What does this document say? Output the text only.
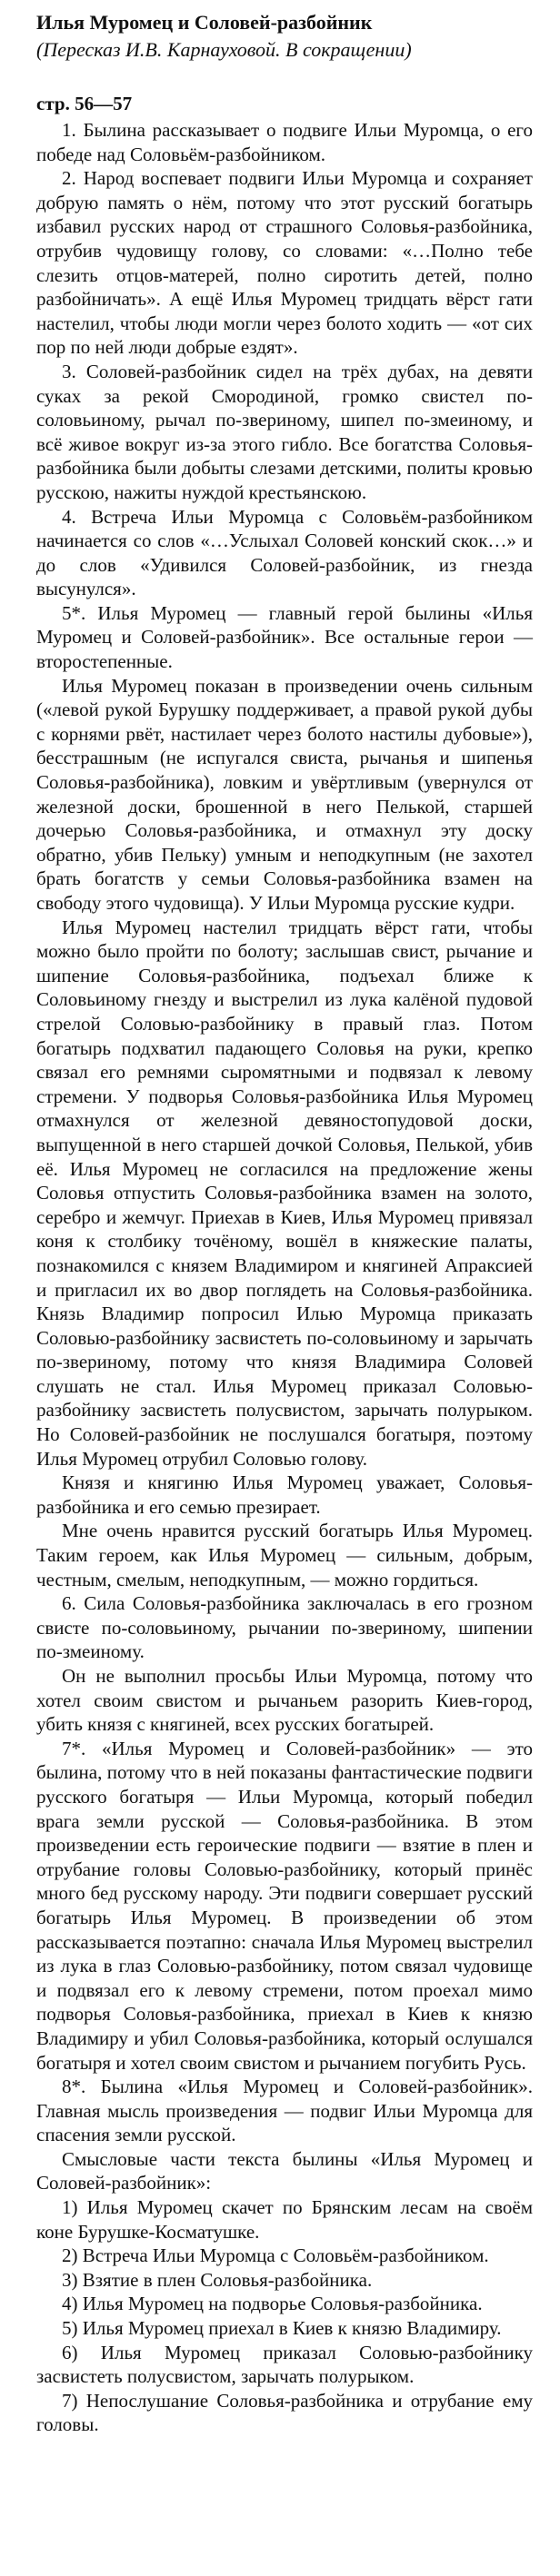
Илья Муромец и Соловей-разбойник

(Пересказ И.В. Карнауховой. В сокращении)

стр. 56—57

1. Былина рассказывает о подвиге Ильи Муромца, о его победе над Соловьём-разбойником.

2. Народ воспевает подвиги Ильи Муромца и сохраняет добрую память о нём, потому что этот русский богатырь избавил русских народ от страшного Соловья-разбойника, отрубив чудовищу голову, со словами: «…Полно тебе слезить отцов-матерей, полно сиротить детей, полно разбойничать». А ещё Илья Муромец тридцать вёрст гати настелил, чтобы люди могли через болото ходить — «от сих пор по ней люди добрые ездят».

3. Соловей-разбойник сидел на трёх дубах, на девяти суках за рекой Смородиной, громко свистел по-соловьиному, рычал по-звериному, шипел по-змеиному, и всё живое вокруг из-за этого гибло. Все богатства Соловья-разбойника были добыты слезами детскими, политы кровью русскою, нажиты нуждой крестьянскою.

4. Встреча Ильи Муромца с Соловьём-разбойником начинается со слов «…Услыхал Соловей конский скок…» и до слов «Удивился Соловей-разбойник, из гнезда высунулся».

5*. Илья Муромец — главный герой былины «Илья Муромец и Соловей-разбойник». Все остальные герои — второстепенные.

Илья Муромец показан в произведении очень сильным («левой рукой Бурушку поддерживает, а правой рукой дубы с корнями рвёт, настилает через болото настилы дубовые»), бесстрашным (не испугался свиста, рычанья и шипенья Соловья-разбойника), ловким и увёртливым (увернулся от железной доски, брошенной в него Пелькой, старшей дочерью Соловья-разбойника, и отмахнул эту доску обратно, убив Пельку) умным и неподкупным (не захотел брать богатств у семьи Соловья-разбойника взамен на свободу этого чудовища). У Ильи Муромца русские кудри.

Илья Муромец настелил тридцать вёрст гати, чтобы можно было пройти по болоту; заслышав свист, рычание и шипение Соловья-разбойника, подъехал ближе к Соловьиному гнезду и выстрелил из лука калёной пудовой стрелой Соловью-разбойнику в правый глаз. Потом богатырь подхватил падающего Соловья на руки, крепко связал его ремнями сыромятными и подвязал к левому стремени. У подворья Соловья-разбойника Илья Муромец отмахнулся от железной девяностопудовой доски, выпущенной в него старшей дочкой Соловья, Пелькой, убив её. Илья Муромец не согласился на предложение жены Соловья отпустить Соловья-разбойника взамен на золото, серебро и жемчуг. Приехав в Киев, Илья Муромец привязал коня к столбику точёному, вошёл в княжеские палаты, познакомился с князем Владимиром и княгиней Апраксией и пригласил их во двор поглядеть на Соловья-разбойника. Князь Владимир попросил Илью Муромца приказать Соловью-разбойнику засвистеть по-соловьиному и зарычать по-звериному, потому что князя Владимира Соловей слушать не стал. Илья Муромец приказал Соловью-разбойнику засвистеть полусвистом, зарычать полурыком. Но Соловей-разбойник не послушался богатыря, поэтому Илья Муромец отрубил Соловью голову.

Князя и княгиню Илья Муромец уважает, Соловья-разбойника и его семью презирает.

Мне очень нравится русский богатырь Илья Муромец. Таким героем, как Илья Муромец — сильным, добрым, честным, смелым, неподкупным, — можно гордиться.

6. Сила Соловья-разбойника заключалась в его грозном свисте по-соловьиному, рычании по-звериному, шипении по-змеиному.

Он не выполнил просьбы Ильи Муромца, потому что хотел своим свистом и рычаньем разорить Киев-город, убить князя с княгиней, всех русских богатырей.

7*. «Илья Муромец и Соловей-разбойник» — это былина, потому что в ней показаны фантастические подвиги русского богатыря — Ильи Муромца, который победил врага земли русской — Соловья-разбойника. В этом произведении есть героические подвиги — взятие в плен и отрубание головы Соловью-разбойнику, который принёс много бед русскому народу. Эти подвиги совершает русский богатырь Илья Муромец. В произведении об этом рассказывается поэтапно: сначала Илья Муромец выстрелил из лука в глаз Соловью-разбойнику, потом связал чудовище и подвязал его к левому стремени, потом проехал мимо подворья Соловья-разбойника, приехал в Киев к князю Владимиру и убил Соловья-разбойника, который ослушался богатыря и хотел своим свистом и рычанием погубить Русь.

8*. Былина «Илья Муромец и Соловей-разбойник». Главная мысль произведения — подвиг Ильи Муромца для спасения земли русской.

Смысловые части текста былины «Илья Муромец и Соловей-разбойник»:

1) Илья Муромец скачет по Брянским лесам на своём коне Бурушке-Косматушке.

2) Встреча Ильи Муромца с Соловьём-разбойником.

3) Взятие в плен Соловья-разбойника.

4) Илья Муромец на подворье Соловья-разбойника.

5) Илья Муромец приехал в Киев к князю Владимиру.

6) Илья Муромец приказал Соловью-разбойнику засвистеть полусвистом, зарычать полурыком.

7) Непослушание Соловья-разбойника и отрубание ему головы.
